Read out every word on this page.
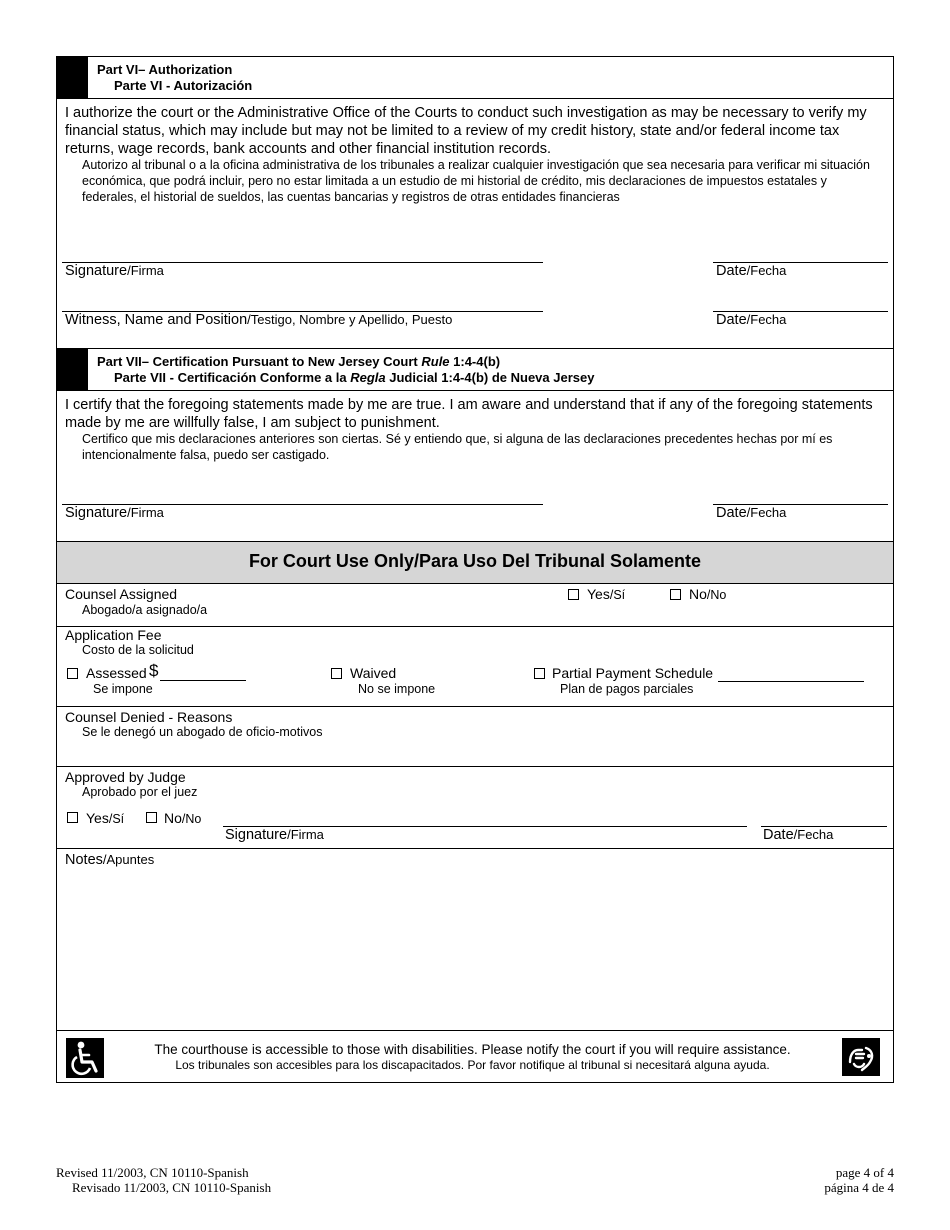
Part VI– Authorization
Parte VI - Autorización
I authorize the court or the Administrative Office of the Courts to conduct such investigation as may be necessary to verify my financial status, which may include but may not be limited to a review of my credit history, state and/or federal income tax returns, wage records, bank accounts and other financial institution records.
Autorizo al tribunal o a la oficina administrativa de los tribunales a realizar cualquier investigación que sea necesaria para verificar mi situación económica, que podrá incluir, pero no estar limitada a un estudio de mi historial de crédito, mis declaraciones de impuestos estatales y federales, el historial de sueldos, las cuentas bancarias y registros de otras entidades financieras
Signature/Firma	Date/Fecha
Witness, Name and Position/Testigo, Nombre y Apellido, Puesto	Date/Fecha
Part VII– Certification Pursuant to New Jersey Court Rule 1:4-4(b)
Parte VII - Certificación Conforme a la Regla Judicial 1:4-4(b) de Nueva Jersey
I certify that the foregoing statements made by me are true. I am aware and understand that if any of the foregoing statements made by me are willfully false, I am subject to punishment.
Certifico que mis declaraciones anteriores son ciertas. Sé y entiendo que, si alguna de las declaraciones precedentes hechas por mí es intencionalmente falsa, puedo ser castigado.
Signature/Firma	Date/Fecha
For Court Use Only/Para Uso Del Tribunal Solamente
Counsel Assigned
Abogado/a asignado/a
Yes/Sí	No/No
Application Fee
Costo de la solicitud
Assessed $
Se impone
Waived
No se impone
Partial Payment Schedule
Plan de pagos parciales
Counsel Denied - Reasons
Se le denegó un abogado de oficio-motivos
Approved by Judge
Aprobado por el juez
Yes/Sí	No/No
Signature/Firma	Date/Fecha
Notes/Apuntes
The courthouse is accessible to those with disabilities. Please notify the court if you will require assistance.
Los tribunales son accesibles para los discapacitados. Por favor notifique al tribunal si necesitará alguna ayuda.
Revised 11/2003, CN 10110-Spanish
Revisado 11/2003, CN 10110-Spanish
page 4 of 4
página 4 de 4
